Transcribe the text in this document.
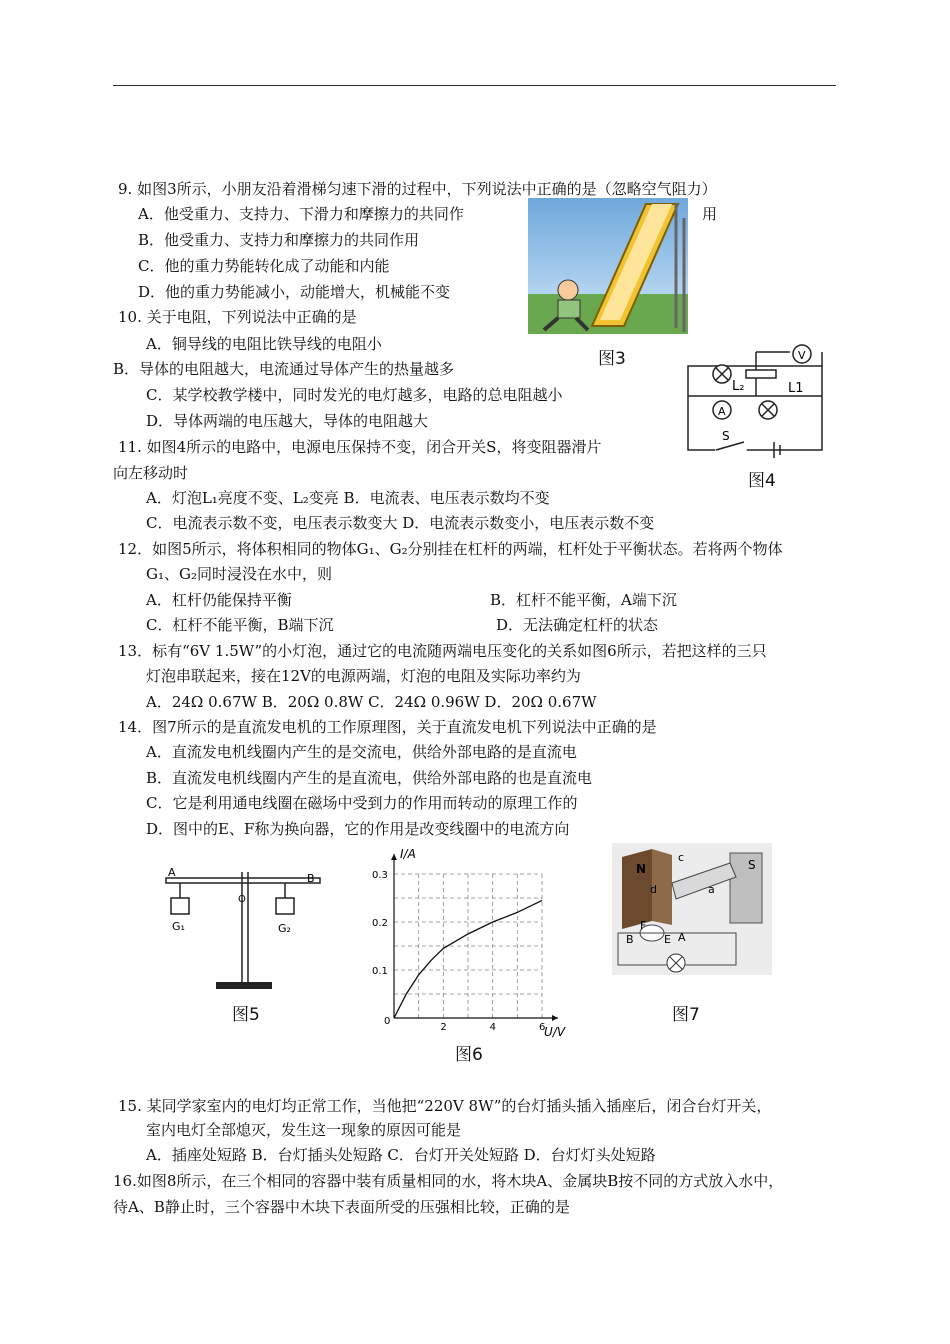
9. 如图3所示，小朋友沿着滑梯匀速下滑的过程中，下列说法中正确的是（忽略空气阻力）
A．他受重力、支持力、下滑力和摩擦力的共同作	用
B．他受重力、支持力和摩擦力的共同作用
C．他的重力势能转化成了动能和内能
D．他的重力势能减小，动能增大，机械能不变
图3
10. 关于电阻，下列说法中正确的是
A．铜导线的电阻比铁导线的电阻小
B．导体的电阻越大，电流通过导体产生的热量越多
C．某学校教学楼中，同时发光的电灯越多，电路的总电阻越小
D．导体两端的电压越大，导体的电阻越大
V
A
L₂	L1
S
图4
11. 如图4所示的电路中，电源电压保持不变，闭合开关S，将变阻器滑片
向左移动时
A．灯泡L₁亮度不变、L₂变亮 B．电流表、电压表示数均不变
C．电流表示数不变，电压表示数变大 D．电流表示数变小，电压表示数不变
12．如图5所示，将体积相同的物体G₁、G₂分别挂在杠杆的两端，杠杆处于平衡状态。若将两个物体
G₁、G₂同时浸没在水中，则
A．杠杆仍能保持平衡	B．杠杆不能平衡，A端下沉
C．杠杆不能平衡，B端下沉	D．无法确定杠杆的状态
13．标有“6V 1.5W”的小灯泡，通过它的电流随两端电压变化的关系如图6所示，若把这样的三只
灯泡串联起来，接在12V的电源两端，灯泡的电阻及实际功率约为
A．24Ω 0.67W B．20Ω 0.8W C．24Ω 0.96W D．20Ω 0.67W
14．图7所示的是直流发电机的工作原理图，关于直流发电机下列说法中正确的是
A．直流发电机线圈内产生的是交流电，供给外部电路的是直流电
B．直流发电机线圈内产生的是直流电，供给外部电路的也是直流电
C．它是利用通电线圈在磁场中受到力的作用而转动的原理工作的
D．图中的E、F称为换向器，它的作用是改变线圈中的电流方向
A	B
O
G₁	G₂
图5
2	4	6
0.1
0.2
0.3
I/A
U/V
0
图6
N	S
c
d	a
F
B	E A
图7
15. 某同学家室内的电灯均正常工作，当他把“220V 8W”的台灯插头插入插座后，闭合台灯开关，
室内电灯全部熄灭，发生这一现象的原因可能是
A．插座处短路 B．台灯插头处短路 C．台灯开关处短路 D．台灯灯头处短路
16.如图8所示，在三个相同的容器中装有质量相同的水，将木块A、金属块B按不同的方式放入水中，
待A、B静止时，三个容器中木块下表面所受的压强相比较，正确的是
